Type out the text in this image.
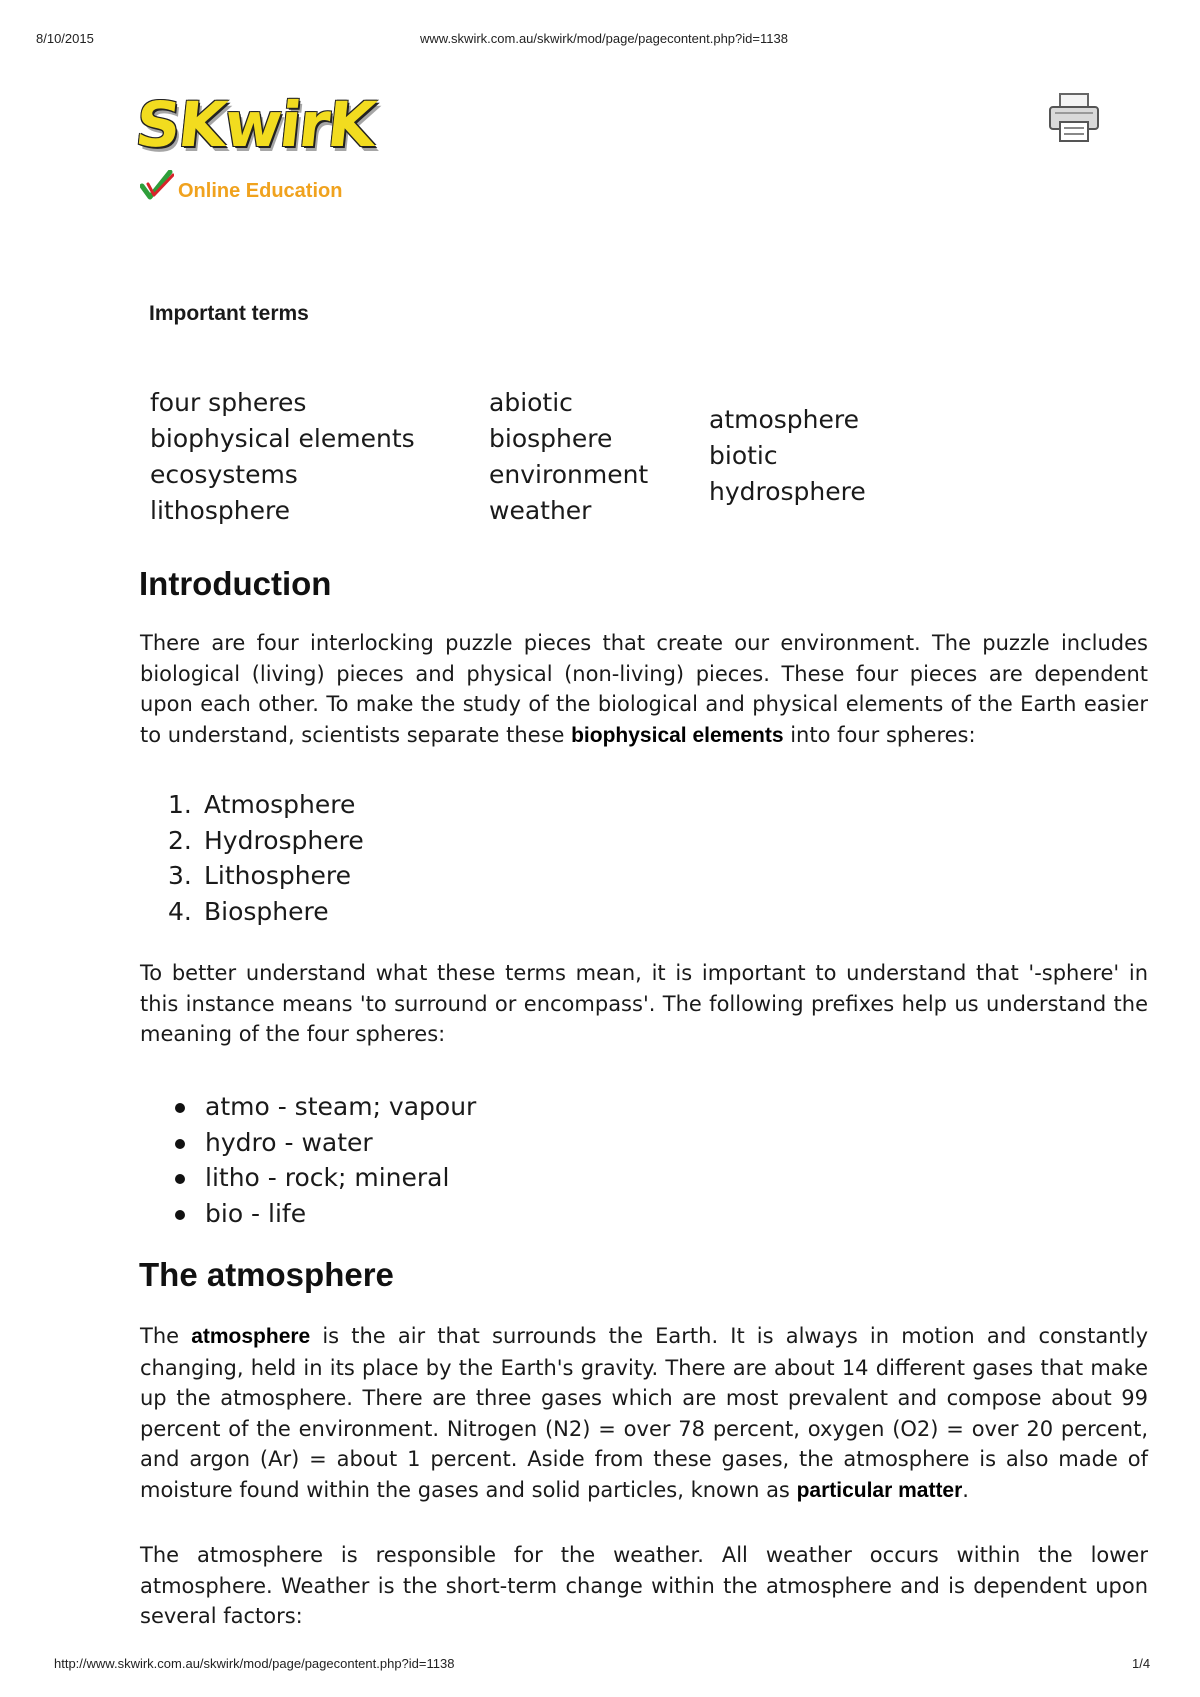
8/10/2015	www.skwirk.com.au/skwirk/mod/page/pagecontent.php?id=1138
SKwirK
Online Education
Important terms
four spheres
biophysical elements
ecosystems
lithosphere
abiotic
biosphere
environment
weather
atmosphere
biotic
hydrosphere
Introduction

There are four interlocking puzzle pieces that create our environment. The puzzle includes biological (living) pieces and physical (non-living) pieces. These four pieces are dependent upon each other. To make the study of the biological and physical elements of the Earth easier to understand, scientists separate these biophysical elements into four spheres:

1. Atmosphere
2. Hydrosphere
3. Lithosphere
4. Biosphere

To better understand what these terms mean, it is important to understand that '-sphere' in this instance means 'to surround or encompass'. The following prefixes help us understand the meaning of the four spheres:

atmo - steam; vapour
hydro - water
litho - rock; mineral
bio - life
The atmosphere

The atmosphere is the air that surrounds the Earth. It is always in motion and constantly changing, held in its place by the Earth's gravity. There are about 14 different gases that make up the atmosphere. There are three gases which are most prevalent and compose about 99 percent of the environment. Nitrogen (N2) = over 78 percent, oxygen (O2) = over 20 percent, and argon (Ar) = about 1 percent. Aside from these gases, the atmosphere is also made of moisture found within the gases and solid particles, known as particular matter.

The atmosphere is responsible for the weather. All weather occurs within the lower atmosphere. Weather is the short-term change within the atmosphere and is dependent upon several factors:

http://www.skwirk.com.au/skwirk/mod/page/pagecontent.php?id=1138	1/4
